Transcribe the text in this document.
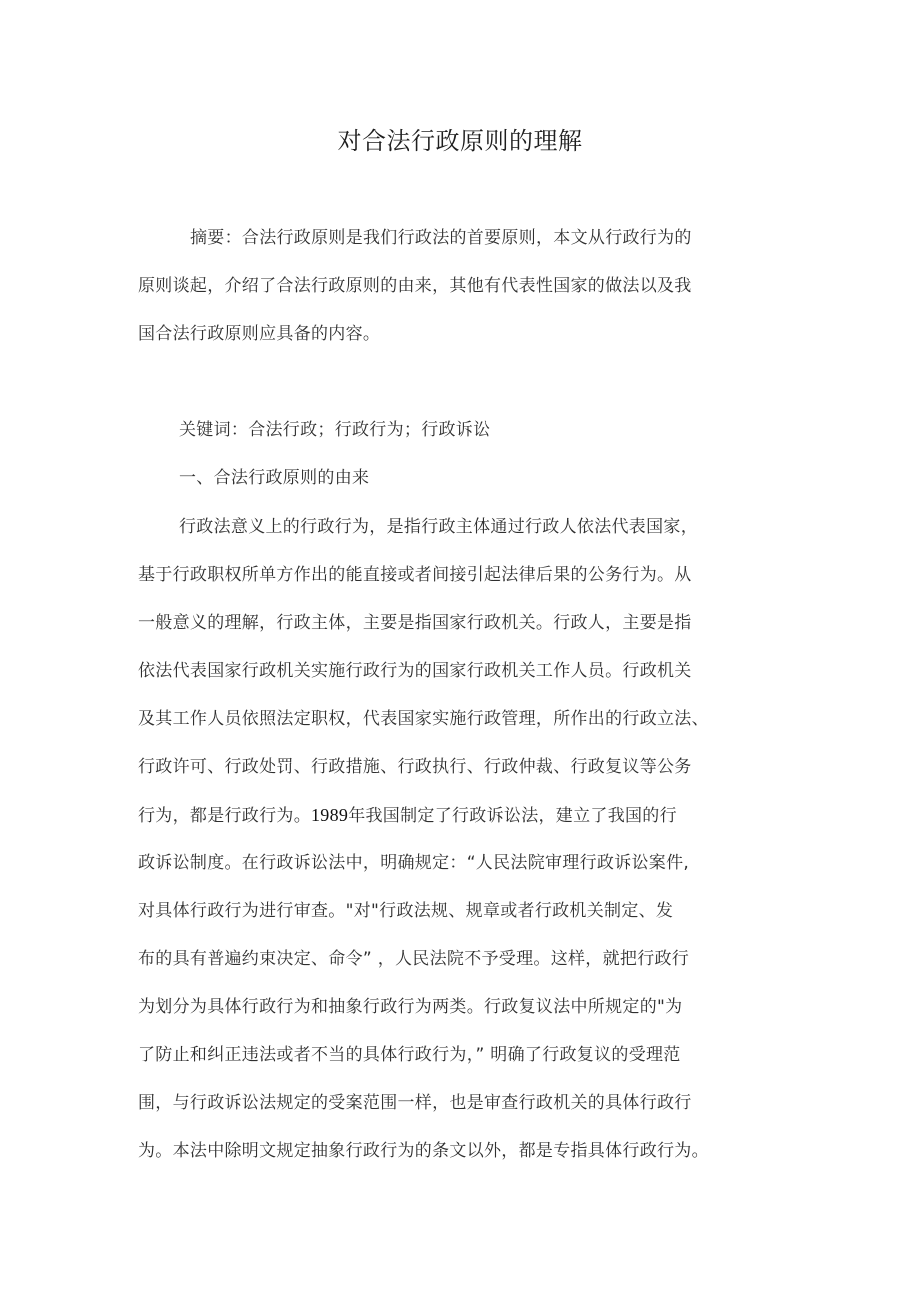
对合法行政原则的理解
摘要：合法行政原则是我们行政法的首要原则，本文从行政行为的
原则谈起，介绍了合法行政原则的由来，其他有代表性国家的做法以及我
国合法行政原则应具备的内容。
关键词：合法行政；行政行为；行政诉讼
一、合法行政原则的由来
行政法意义上的行政行为，是指行政主体通过行政人依法代表国家，
基于行政职权所单方作出的能直接或者间接引起法律后果的公务行为。从
一般意义的理解，行政主体，主要是指国家行政机关。行政人，主要是指
依法代表国家行政机关实施行政行为的国家行政机关工作人员。行政机关
及其工作人员依照法定职权，代表国家实施行政管理，所作出的行政立法、
行政许可、行政处罚、行政措施、行政执行、行政仲裁、行政复议等公务
行为，都是行政行为。1989年我国制定了行政诉讼法，建立了我国的行
政诉讼制度。在行政诉讼法中，明确规定：“人民法院审理行政诉讼案件,
对具体行政行为进行审查。"对"行政法规、规章或者行政机关制定、发
布的具有普遍约束决定、命令” ，人民法院不予受理。这样，就把行政行
为划分为具体行政行为和抽象行政行为两类。行政复议法中所规定的"为
了防止和纠正违法或者不当的具体行政行为，” 明确了行政复议的受理范
围，与行政诉讼法规定的受案范围一样，也是审查行政机关的具体行政行
为。本法中除明文规定抽象行政行为的条文以外，都是专指具体行政行为。
